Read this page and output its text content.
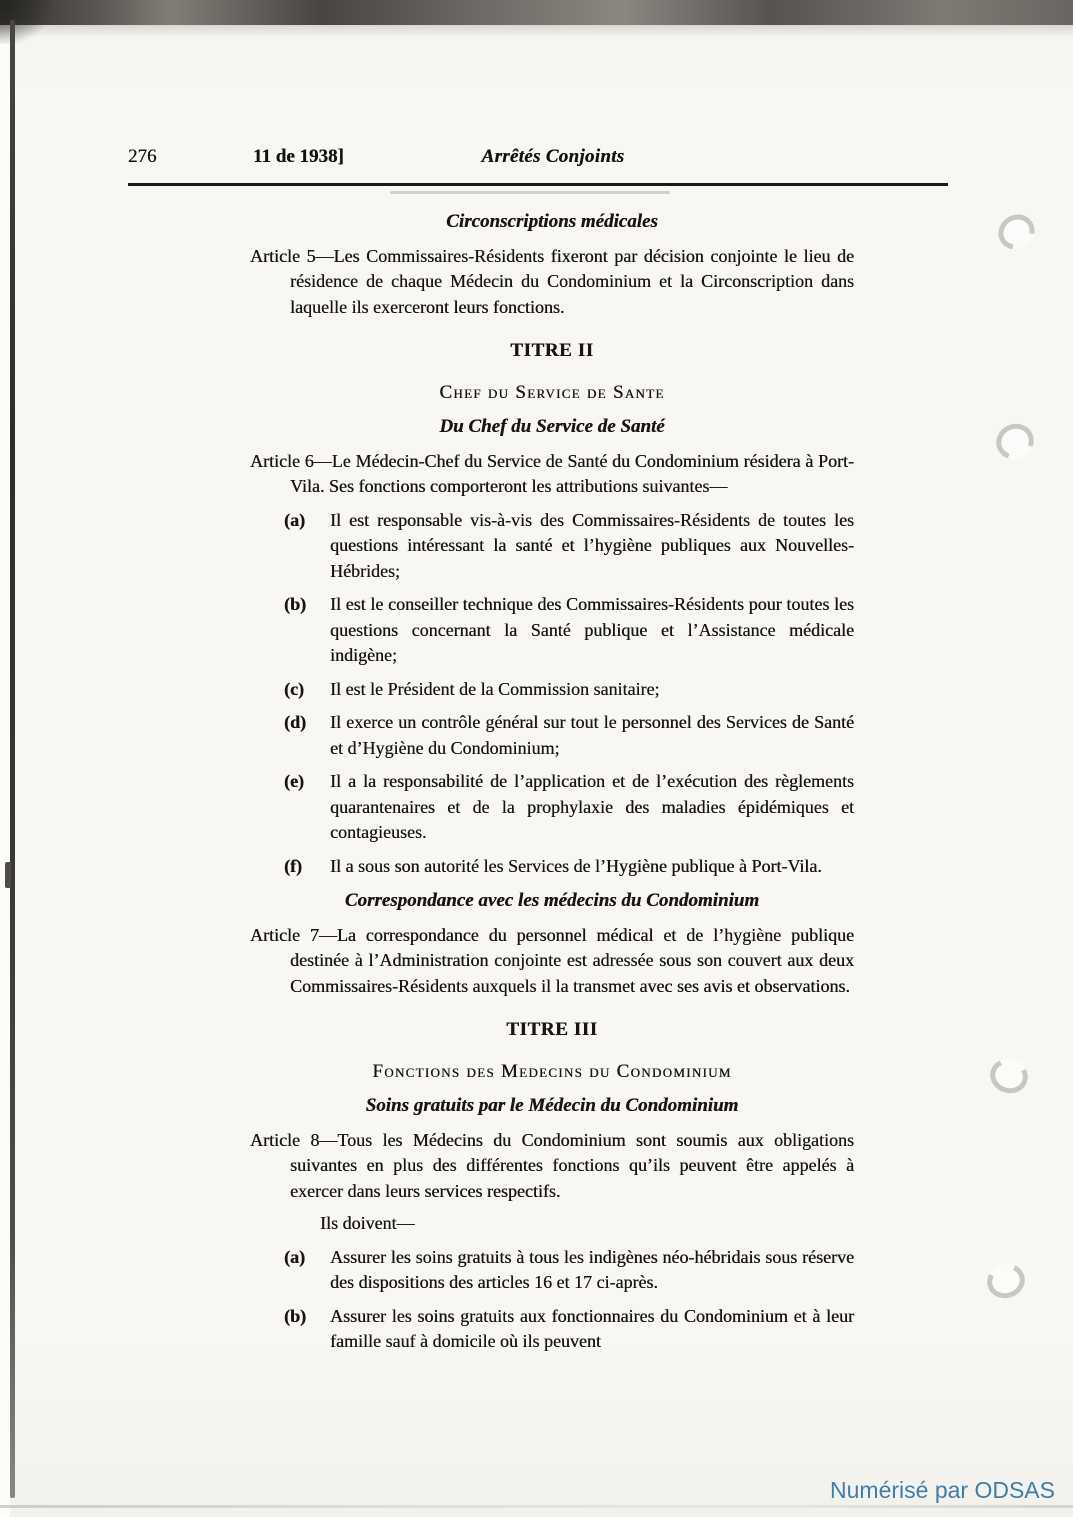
276	11 de 1938]	Arrêtés Conjoints
Circonscriptions médicales

Article 5—Les Commissaires-Résidents fixeront par décision conjointe le lieu de résidence de chaque Médecin du Condominium et la Circonscription dans laquelle ils exerceront leurs fonctions.

TITRE II
Chef du Service de Sante
Du Chef du Service de Santé

Article 6—Le Médecin-Chef du Service de Santé du Condominium résidera à Port-Vila. Ses fonctions comporteront les attributions suivantes—

(a)	Il est responsable vis-à-vis des Commissaires-Résidents de toutes les questions intéressant la santé et l’hygiène publiques aux Nouvelles-Hébrides;
(b)	Il est le conseiller technique des Commissaires-Résidents pour toutes les questions concernant la Santé publique et l’Assistance médicale indigène;
(c)	Il est le Président de la Commission sanitaire;
(d)	Il exerce un contrôle général sur tout le personnel des Services de Santé et d’Hygiène du Condominium;
(e)	Il a la responsabilité de l’application et de l’exécution des règlements quarantenaires et de la prophylaxie des maladies épidémiques et contagieuses.
(f)	Il a sous son autorité les Services de l’Hygiène publique à Port-Vila.
Correspondance avec les médecins du Condominium

Article 7—La correspondance du personnel médical et de l’hygiène publique destinée à l’Administration conjointe est adressée sous son couvert aux deux Commissaires-Résidents auxquels il la transmet avec ses avis et observations.

TITRE III
Fonctions des Medecins du Condominium
Soins gratuits par le Médecin du Condominium

Article 8—Tous les Médecins du Condominium sont soumis aux obligations suivantes en plus des différentes fonctions qu’ils peuvent être appelés à exercer dans leurs services respectifs.

Ils doivent—

(a)	Assurer les soins gratuits à tous les indigènes néo-hébridais sous réserve des dispositions des articles 16 et 17 ci-après.
(b)	Assurer les soins gratuits aux fonctionnaires du Condominium et à leur famille sauf à domicile où ils peuvent
Numérisé par ODSAS
